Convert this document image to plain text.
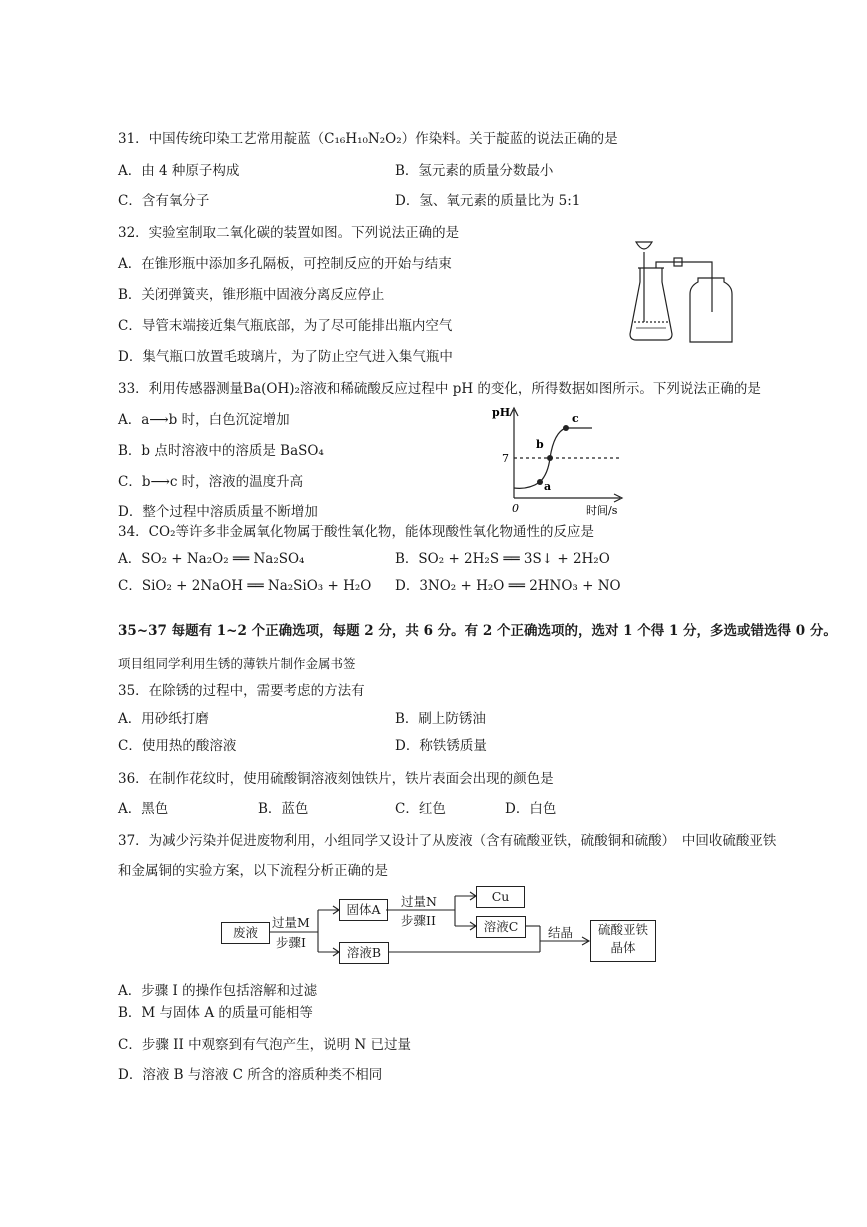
31．中国传统印染工艺常用靛蓝（C₁₆H₁₀N₂O₂）作染料。关于靛蓝的说法正确的是
A．由 4 种原子构成	B．氢元素的质量分数最小
C．含有氧分子	D．氢、氧元素的质量比为 5:1
32．实验室制取二氧化碳的装置如图。下列说法正确的是
A．在锥形瓶中添加多孔隔板，可控制反应的开始与结束
B．关闭弹簧夹，锥形瓶中固液分离反应停止
C．导管末端接近集气瓶底部，为了尽可能排出瓶内空气
D．集气瓶口放置毛玻璃片，为了防止空气进入集气瓶中
33．利用传感器测量Ba(OH)₂溶液和稀硫酸反应过程中 pH 的变化，所得数据如图所示。下列说法正确的是
A．a⟶b 时，白色沉淀增加
B．b 点时溶液中的溶质是 BaSO₄
C．b⟶c 时，溶液的温度升高
D．整个过程中溶质质量不断增加
pH
7
0	时间/s
a
b
c
34．CO₂等许多非金属氧化物属于酸性氧化物，能体现酸性氧化物通性的反应是
A．SO₂ + Na₂O₂ ══ Na₂SO₄	B．SO₂ + 2H₂S ══ 3S↓ + 2H₂O
C．SiO₂ + 2NaOH ══ Na₂SiO₃ + H₂O D．3NO₂ + H₂O ══ 2HNO₃ + NO
35~37 每题有 1~2 个正确选项，每题 2 分，共 6 分。有 2 个正确选项的，选对 1 个得 1 分，多选或错选得 0 分。
项目组同学利用生锈的薄铁片制作金属书签
35．在除锈的过程中，需要考虑的方法有
A．用砂纸打磨	B．刷上防锈油
C．使用热的酸溶液	D．称铁锈质量
36．在制作花纹时，使用硫酸铜溶液刻蚀铁片，铁片表面会出现的颜色是
A．黑色	B．蓝色	C．红色	D．白色
37．为减少污染并促进废物利用，小组同学又设计了从废液（含有硫酸亚铁，硫酸铜和硫酸）　中回收硫酸亚铁
和金属铜的实验方案，以下流程分析正确的是
废液
过量M
步骤I
固体A
溶液B
过量N
步骤II
Cu
溶液C	结晶	硫酸亚铁
晶体
A．步骤 I 的操作包括溶解和过滤
B．M 与固体 A 的质量可能相等
C．步骤 II 中观察到有气泡产生，说明 N 已过量
D．溶液 B 与溶液 C 所含的溶质种类不相同
